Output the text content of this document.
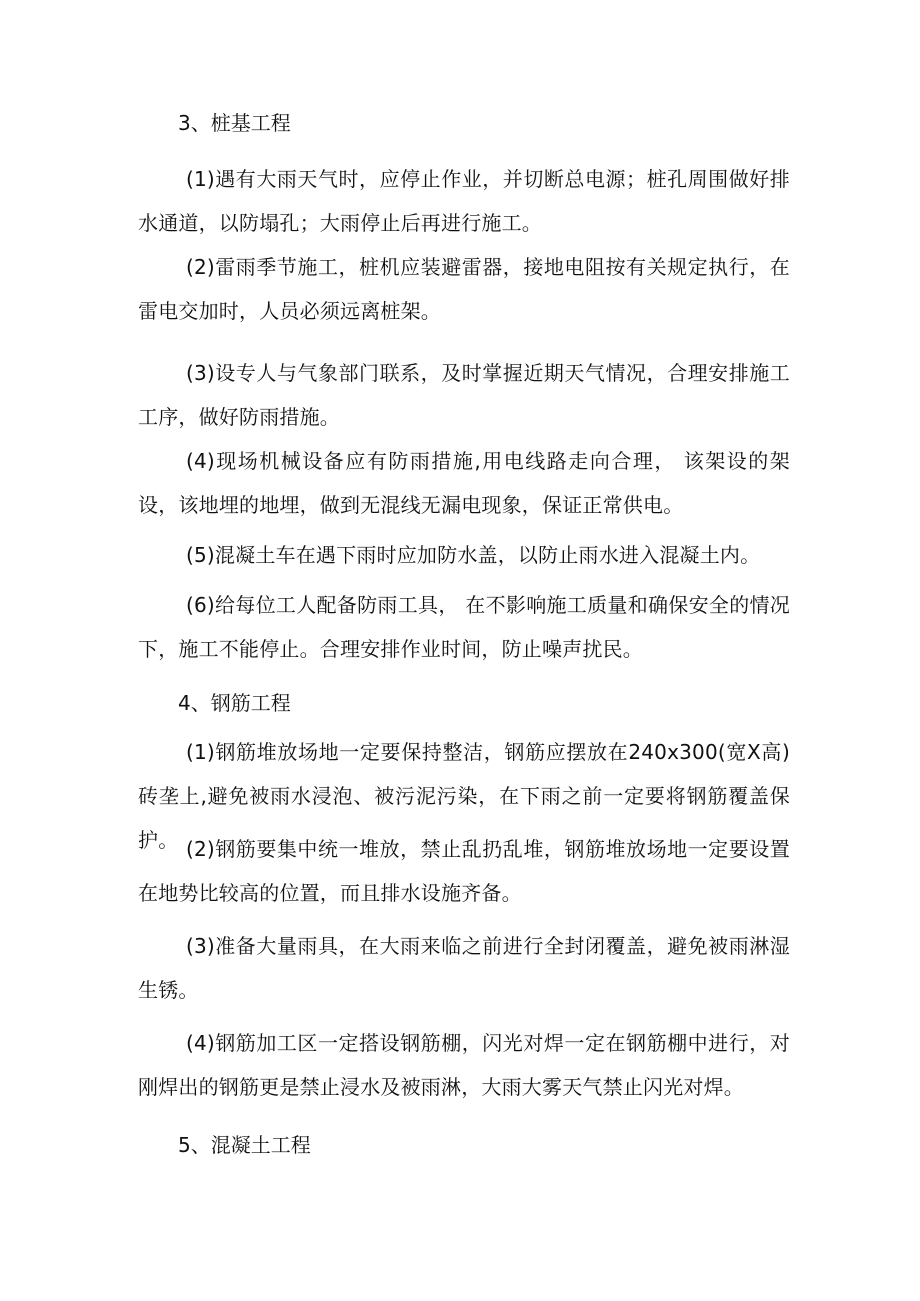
3、桩基工程

(1)遇有大雨天气时，应停止作业，并切断总电源；桩孔周围做好排水通道，以防塌孔；大雨停止后再进行施工。

(2)雷雨季节施工，桩机应装避雷器，接地电阻按有关规定执行，在雷电交加时，人员必须远离桩架。

(3)设专人与气象部门联系，及时掌握近期天气情况，合理安排施工工序，做好防雨措施。

(4)现场机械设备应有防雨措施,用电线路走向合理， 该架设的架设，该地埋的地埋，做到无混线无漏电现象，保证正常供电。

(5)混凝土车在遇下雨时应加防水盖，以防止雨水进入混凝土内。

(6)给每位工人配备防雨工具， 在不影响施工质量和确保安全的情况下，施工不能停止。合理安排作业时间，防止噪声扰民。

4、钢筋工程

(1)钢筋堆放场地一定要保持整洁，钢筋应摆放在240x300(宽X高)砖垄上,避免被雨水浸泡、被污泥污染，在下雨之前一定要将钢筋覆盖保护。 (2)钢筋要集中统一堆放，禁止乱扔乱堆，钢筋堆放场地一定要设置在地势比较高的位置，而且排水设施齐备。

(3)准备大量雨具，在大雨来临之前进行全封闭覆盖，避免被雨淋湿生锈。

(4)钢筋加工区一定搭设钢筋棚，闪光对焊一定在钢筋棚中进行，对刚焊出的钢筋更是禁止浸水及被雨淋，大雨大雾天气禁止闪光对焊。

5、混凝土工程
